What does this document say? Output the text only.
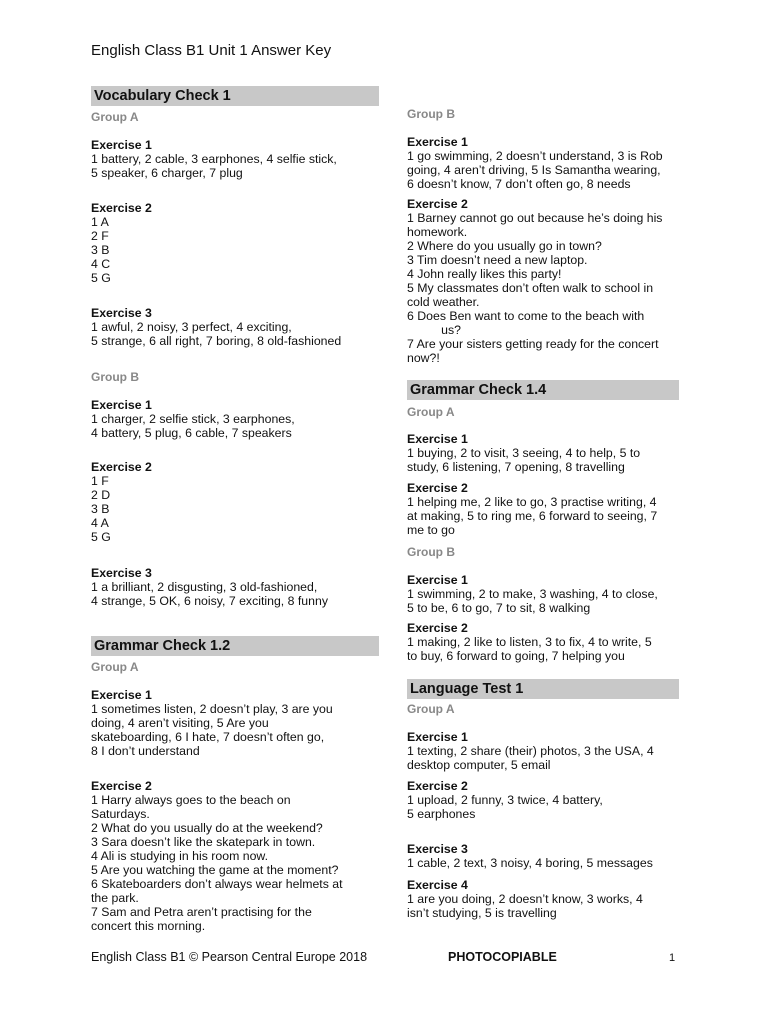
English Class B1 Unit 1 Answer Key
Vocabulary Check 1
Group A
Exercise 1
1 battery, 2 cable, 3 earphones, 4 selfie stick,
5 speaker, 6 charger, 7 plug
Exercise 2
1 A
2 F
3 B
4 C
5 G
Exercise 3
1 awful, 2 noisy, 3 perfect, 4 exciting,
5 strange, 6 all right, 7 boring, 8 old-fashioned
Group B
Exercise 1
1 charger, 2 selfie stick, 3 earphones,
4 battery, 5 plug, 6 cable, 7 speakers
Exercise 2
1 F
2 D
3 B
4 A
5 G
Exercise 3
1 a brilliant, 2 disgusting, 3 old-fashioned,
4 strange, 5 OK, 6 noisy, 7 exciting, 8 funny
Grammar Check 1.2
Group A
Exercise 1
1 sometimes listen, 2 doesn’t play, 3 are you
doing, 4 aren’t visiting, 5 Are you
skateboarding, 6 I hate, 7 doesn’t often go,
8 I don’t understand
Exercise 2
1 Harry always goes to the beach on
Saturdays.
2 What do you usually do at the weekend?
3 Sara doesn’t like the skatepark in town.
4 Ali is studying in his room now.
5 Are you watching the game at the moment?
6 Skateboarders don’t always wear helmets at
the park.
7 Sam and Petra aren’t practising for the
concert this morning.
Group B
Exercise 1
1 go swimming, 2 doesn’t understand, 3 is Rob
going, 4 aren’t driving, 5 Is Samantha wearing,
6 doesn’t know, 7 don’t often go, 8 needs
Exercise 2
1 Barney cannot go out because he’s doing his
homework.
2 Where do you usually go in town?
3 Tim doesn’t need a new laptop.
4 John really likes this party!
5 My classmates don’t often walk to school in
cold weather.
6 Does Ben want to come to the beach with
us?
7 Are your sisters getting ready for the concert
now?!
Grammar Check 1.4
Group A
Exercise 1
1 buying, 2 to visit, 3 seeing, 4 to help, 5 to
study, 6 listening, 7 opening, 8 travelling
Exercise 2
1 helping me, 2 like to go, 3 practise writing, 4
at making, 5 to ring me, 6 forward to seeing, 7
me to go
Group B
Exercise 1
1 swimming, 2 to make, 3 washing, 4 to close,
5 to be, 6 to go, 7 to sit, 8 walking
Exercise 2
1 making, 2 like to listen, 3 to fix, 4 to write, 5
to buy, 6 forward to going, 7 helping you
Language Test 1
Group A
Exercise 1
1 texting, 2 share (their) photos, 3 the USA, 4
desktop computer, 5 email
Exercise 2
1 upload, 2 funny, 3 twice, 4 battery,
5 earphones
Exercise 3
1 cable, 2 text, 3 noisy, 4 boring, 5 messages
Exercise 4
1 are you doing, 2 doesn’t know, 3 works, 4
isn’t studying, 5 is travelling
English Class B1 © Pearson Central Europe 2018	PHOTOCOPIABLE	1
